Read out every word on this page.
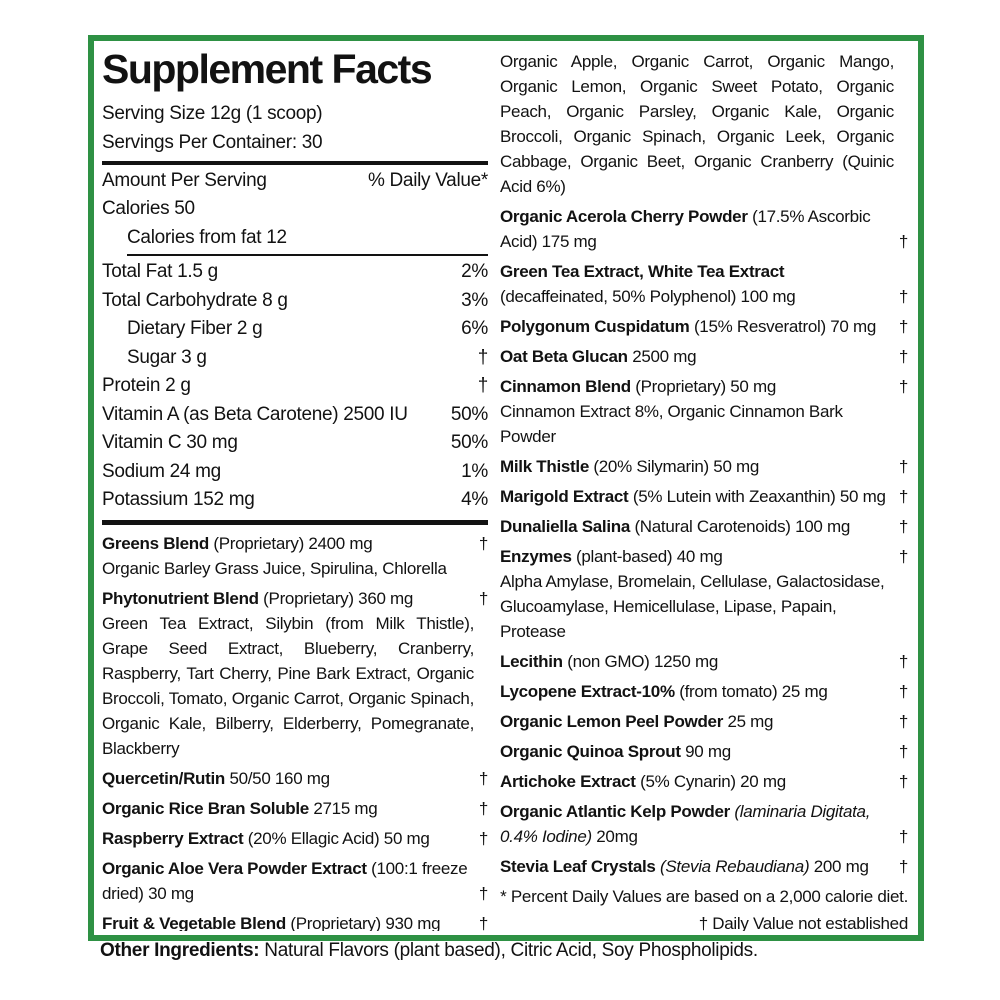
Supplement Facts
Serving Size 12g (1 scoop)
Servings Per Container: 30
Amount Per Serving	% Daily Value*
Calories 50
Calories from fat 12
Total Fat 1.5 g	2%
Total Carbohydrate 8 g	3%
Dietary Fiber 2 g	6%
Sugar 3 g	†
Protein 2 g	†
Vitamin A (as Beta Carotene) 2500 IU 50%
Vitamin C 30 mg	50%
Sodium 24 mg	1%
Potassium 152 mg	4%
Greens Blend (Proprietary) 2400 mg
Organic Barley Grass Juice, Spirulina, Chlorella
†
Phytonutrient Blend (Proprietary) 360 mg
Green Tea Extract, Silybin (from Milk Thistle), Grape Seed Extract, Blueberry, Cranberry, Raspberry, Tart Cherry, Pine Bark Extract, Organic Broccoli, Tomato, Organic Carrot, Organic Spinach, Organic Kale, Bilberry, Elderberry, Pomegranate, Blackberry
†
Quercetin/Rutin 50/50 160 mg	†
Organic Rice Bran Soluble 2715 mg	†
Raspberry Extract (20% Ellagic Acid) 50 mg	†
Organic Aloe Vera Powder Extract (100:1 freeze dried) 30 mg	†
Fruit & Vegetable Blend (Proprietary) 930 mg	†
Organic Apple, Organic Carrot, Organic Mango, Organic Lemon, Organic Sweet Potato, Organic Peach, Organic Parsley, Organic Kale, Organic Broccoli, Organic Spinach, Organic Leek, Organic Cabbage, Organic Beet, Organic Cranberry (Quinic Acid 6%)
Organic Acerola Cherry Powder (17.5% Ascorbic Acid) 175 mg	†
Green Tea Extract, White Tea Extract (decaffeinated, 50% Polyphenol) 100 mg	†
Polygonum Cuspidatum (15% Resveratrol) 70 mg	†
Oat Beta Glucan 2500 mg	†
Cinnamon Blend (Proprietary) 50 mg
Cinnamon Extract 8%, Organic Cinnamon Bark Powder
†
Milk Thistle (20% Silymarin) 50 mg	†
Marigold Extract (5% Lutein with Zeaxanthin) 50 mg †
Dunaliella Salina (Natural Carotenoids) 100 mg	†
Enzymes (plant-based) 40 mg
Alpha Amylase, Bromelain, Cellulase, Galactosidase, Glucoamylase, Hemicellulase, Lipase, Papain, Protease
†
Lecithin (non GMO) 1250 mg	†
Lycopene Extract-10% (from tomato) 25 mg	†
Organic Lemon Peel Powder 25 mg	†
Organic Quinoa Sprout 90 mg	†
Artichoke Extract (5% Cynarin) 20 mg	†
Organic Atlantic Kelp Powder (laminaria Digitata, 0.4% Iodine) 20mg	†
Stevia Leaf Crystals (Stevia Rebaudiana) 200 mg	†
* Percent Daily Values are based on a 2,000 calorie diet.
† Daily Value not established
Other Ingredients: Natural Flavors (plant based), Citric Acid, Soy Phospholipids.
